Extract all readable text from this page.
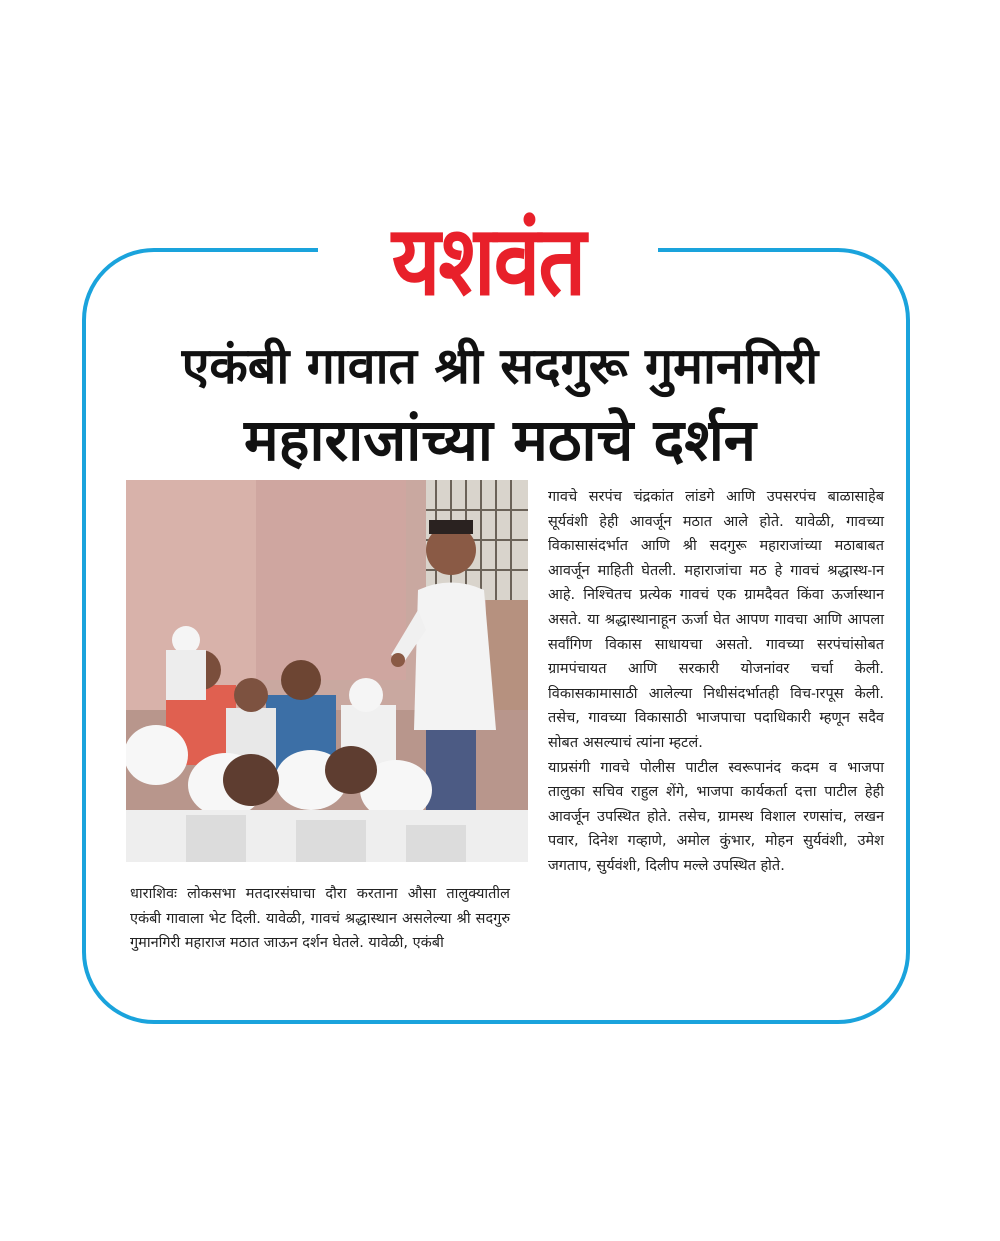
यशवंत
एकंबी गावात श्री सदगुरू गुमानगिरी
महाराजांच्या मठाचे दर्शन

गावचे सरपंच चंद्रकांत लांडगे आणि उपसरपंच बाळासाहेब सूर्यवंशी हेही आवर्जून मठात आले होते. यावेळी, गावच्या विकासासंदर्भात आणि श्री सदगुरू महाराजांच्या मठाबाबत आवर्जून माहिती घेतली. महाराजांचा मठ हे गावचं श्रद्धास्थ-ान आहे. निश्चितच प्रत्येक गावचं एक ग्रामदैवत किंवा ऊर्जास्थान असते. या श्रद्धास्थानाहून ऊर्जा घेत आपण गावचा आणि आपला सर्वांगिण विकास साधायचा असतो. गावच्या सरपंचांसोबत ग्रामपंचायत आणि सरकारी योजनांवर चर्चा केली. विकासकामासाठी आलेल्या निधीसंदर्भातही विच-ारपूस केली. तसेच, गावच्या विकासाठी भाजपाचा पदाधिकारी म्हणून सदैव सोबत असल्याचं त्यांना म्हटलं.

याप्रसंगी गावचे पोलीस पाटील स्वरूपानंद कदम व भाजपा तालुका सचिव राहुल शेंगे, भाजपा कार्यकर्ता दत्ता पाटील हेही आवर्जून उपस्थित होते. तसेच, ग्रामस्थ विशाल रणसांच, लखन पवार, दिनेश गव्हाणे, अमोल कुंभार, मोहन सुर्यवंशी, उमेश जगताप, सुर्यवंशी, दिलीप मल्ले उपस्थित होते.

धाराशिवः लोकसभा मतदारसंघाचा दौरा करताना औसा तालुक्यातील एकंबी गावाला भेट दिली. यावेळी, गावचं श्रद्धास्थान असलेल्या श्री सदगुरु गुमानगिरी महाराज मठात जाऊन दर्शन घेतले. यावेळी, एकंबी
